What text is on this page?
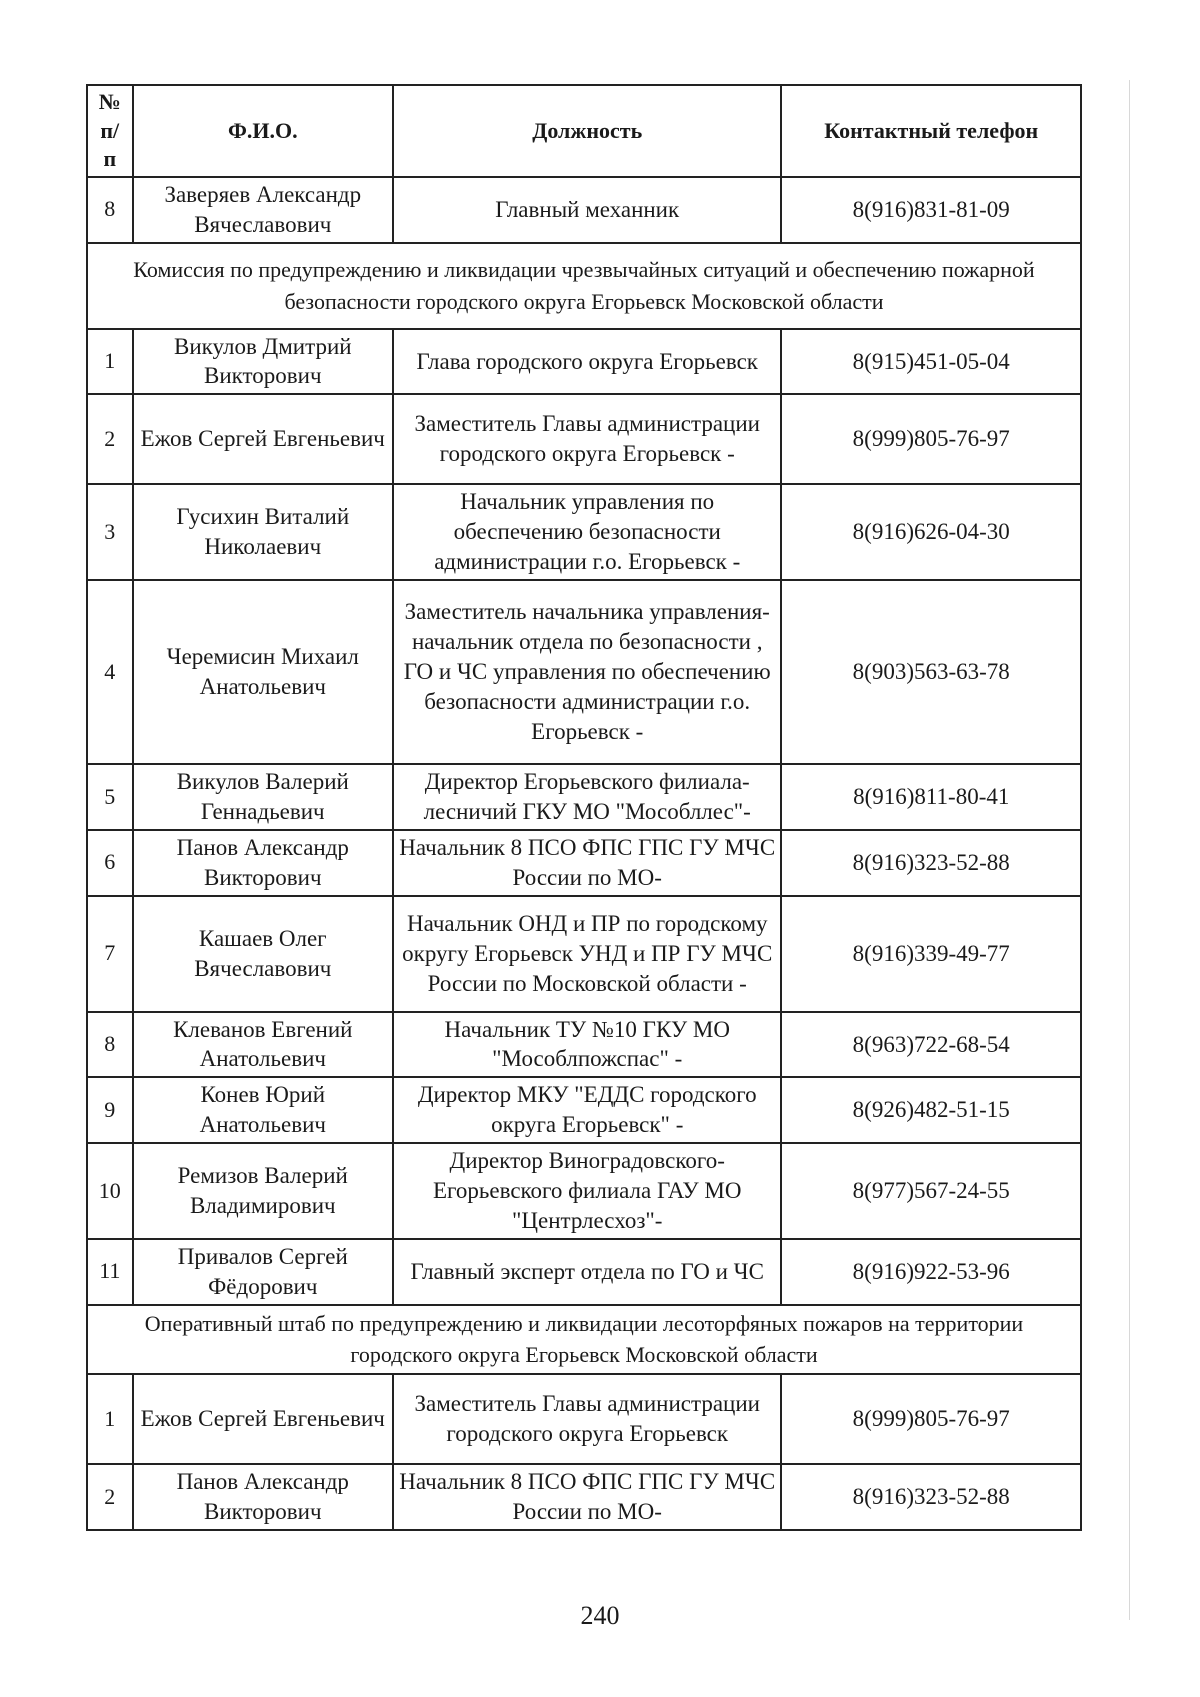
№ п/ п	Ф.И.О.	Должность	Контактный телефон
8	Заверяев Александр Вячеславович	Главный механник	8(916)831-81-09
Комиссия по предупреждению и ликвидации чрезвычайных ситуаций и обеспечению пожарной безопасности городского округа Егорьевск Московской области			
1	Викулов Дмитрий Викторович	Глава городского округа Егорьевск	8(915)451-05-04
2	Ежов Сергей Евгеньевич	Заместитель Главы администрации городского округа Егорьевск -	8(999)805-76-97
3	Гусихин Виталий Николаевич	Начальник управления по обеспечению безопасности администрации г.о. Егорьевск -	8(916)626-04-30
4	Черемисин Михаил Анатольевич	Заместитель начальника управления-начальник отдела по безопасности , ГО и ЧС управления по обеспечению безопасности администрации г.о. Егорьевск -	8(903)563-63-78
5	Викулов Валерий Геннадьевич	Директор Егорьевского филиала-лесничий ГКУ МО "Мособллес"-	8(916)811-80-41
6	Панов Александр Викторович	Начальник 8 ПСО ФПС ГПС ГУ МЧС России по МО-	8(916)323-52-88
7	Кашаев Олег Вячеславович	Начальник ОНД и ПР по городскому округу Егорьевск УНД и ПР ГУ МЧС России по Московской области -	8(916)339-49-77
8	Клеванов Евгений Анатольевич	Начальник ТУ №10 ГКУ МО "Мособлпожспас" -	8(963)722-68-54
9	Конев Юрий Анатольевич	Директор МКУ "ЕДДС городского округа Егорьевск" -	8(926)482-51-15
10	Ремизов Валерий Владимирович	Директор Виноградовского-Егорьевского филиала ГАУ МО "Центрлесхоз"-	8(977)567-24-55
11	Привалов Сергей Фёдорович	Главный эксперт отдела по ГО и ЧС	8(916)922-53-96
Оперативный штаб по предупреждению и ликвидации лесоторфяных пожаров на территории городского округа Егорьевск Московской области			
1	Ежов Сергей Евгеньевич	Заместитель Главы администрации городского округа Егорьевск	8(999)805-76-97
2	Панов Александр Викторович	Начальник 8 ПСО ФПС ГПС ГУ МЧС России по МО-	8(916)323-52-88
240
